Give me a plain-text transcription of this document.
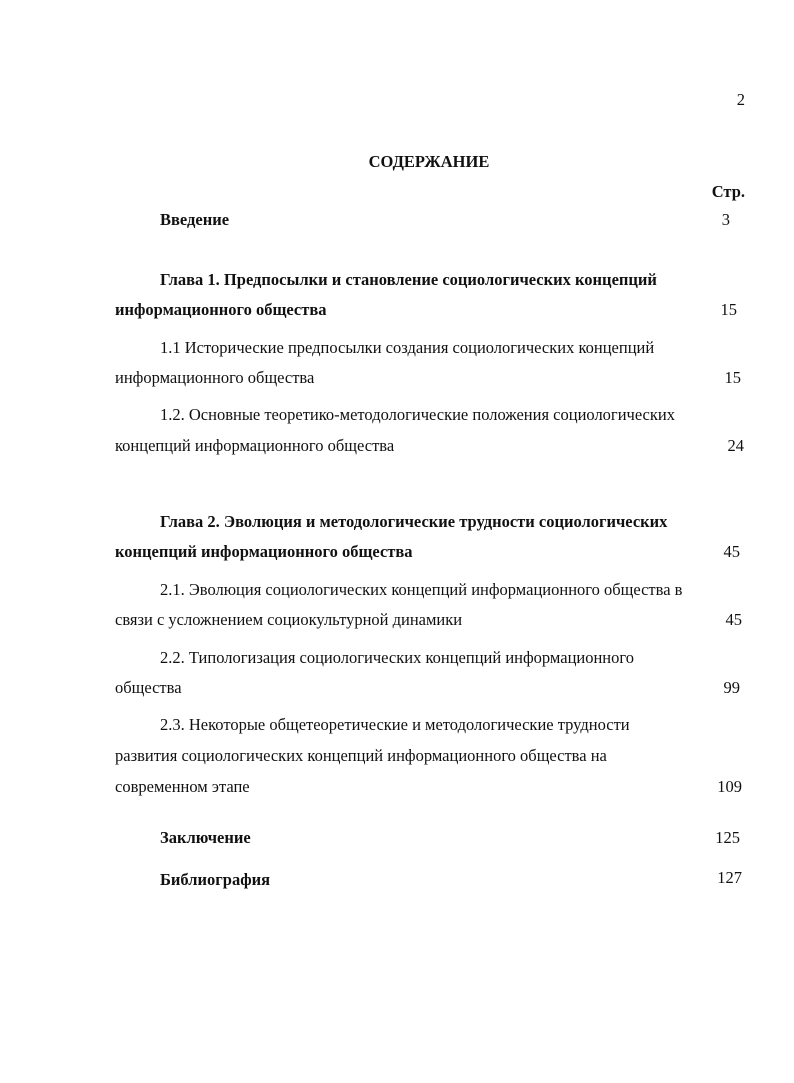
2
СОДЕРЖАНИЕ
Стр.
Введение	3
Глава 1. Предпосылки и становление социологических концепций
информационного общества	15
1.1 Исторические предпосылки создания социологических концепций
информационного общества	15
1.2. Основные теоретико-методологические положения социологических
концепций информационного общества	24
Глава 2. Эволюция и методологические трудности социологических
концепций информационного общества	45
2.1. Эволюция социологических концепций информационного общества в
связи с усложнением социокультурной динамики	45
2.2. Типологизация социологических концепций информационного
общества	99
2.3. Некоторые общетеоретические и методологические трудности
развития социологических концепций информационного общества на
современном этапе	109
Заключение	125
Библиография	127
